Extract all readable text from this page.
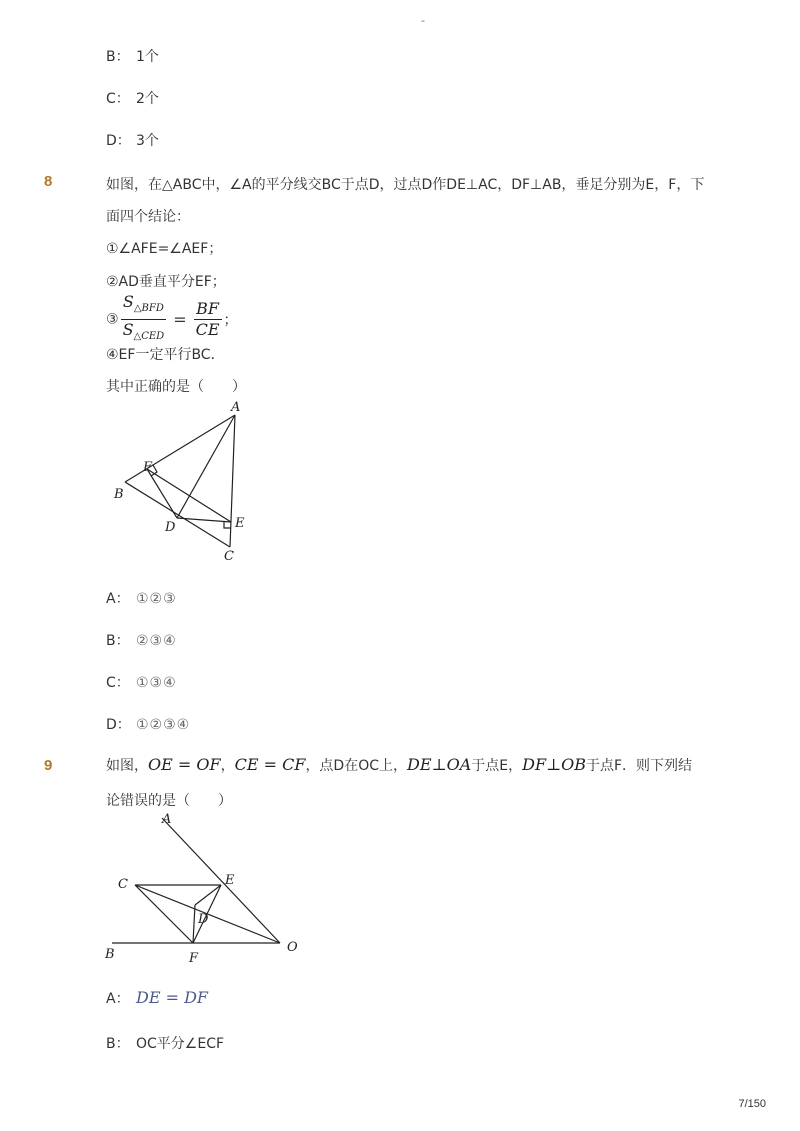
-
B： 1个
C： 2个
D： 3个
8	如图，在△ABC中，∠A的平分线交BC于点D，过点D作DE⊥AC，DF⊥AB，垂足分别为E，F，下
面四个结论：
①∠AFE=∠AEF；
②AD垂直平分EF；
③ $\frac{S_{\triangle BFD}}{S_{\triangle CED}} = \frac{BF}{CE}$ ；
④EF一定平行BC．
其中正确的是（　　）
A
B
C
D	E
F
A： ①②③
B： ②③④
C： ①③④
D： ①②③④
9	如图，OE = OF，CE = CF，点D在OC上，DE⊥OA于点E，DF⊥OB于点F．则下列结
论错误的是（　　）
A
B
C
D
E
F
O
A： DE = DF
B： OC平分∠ECF
7/150
